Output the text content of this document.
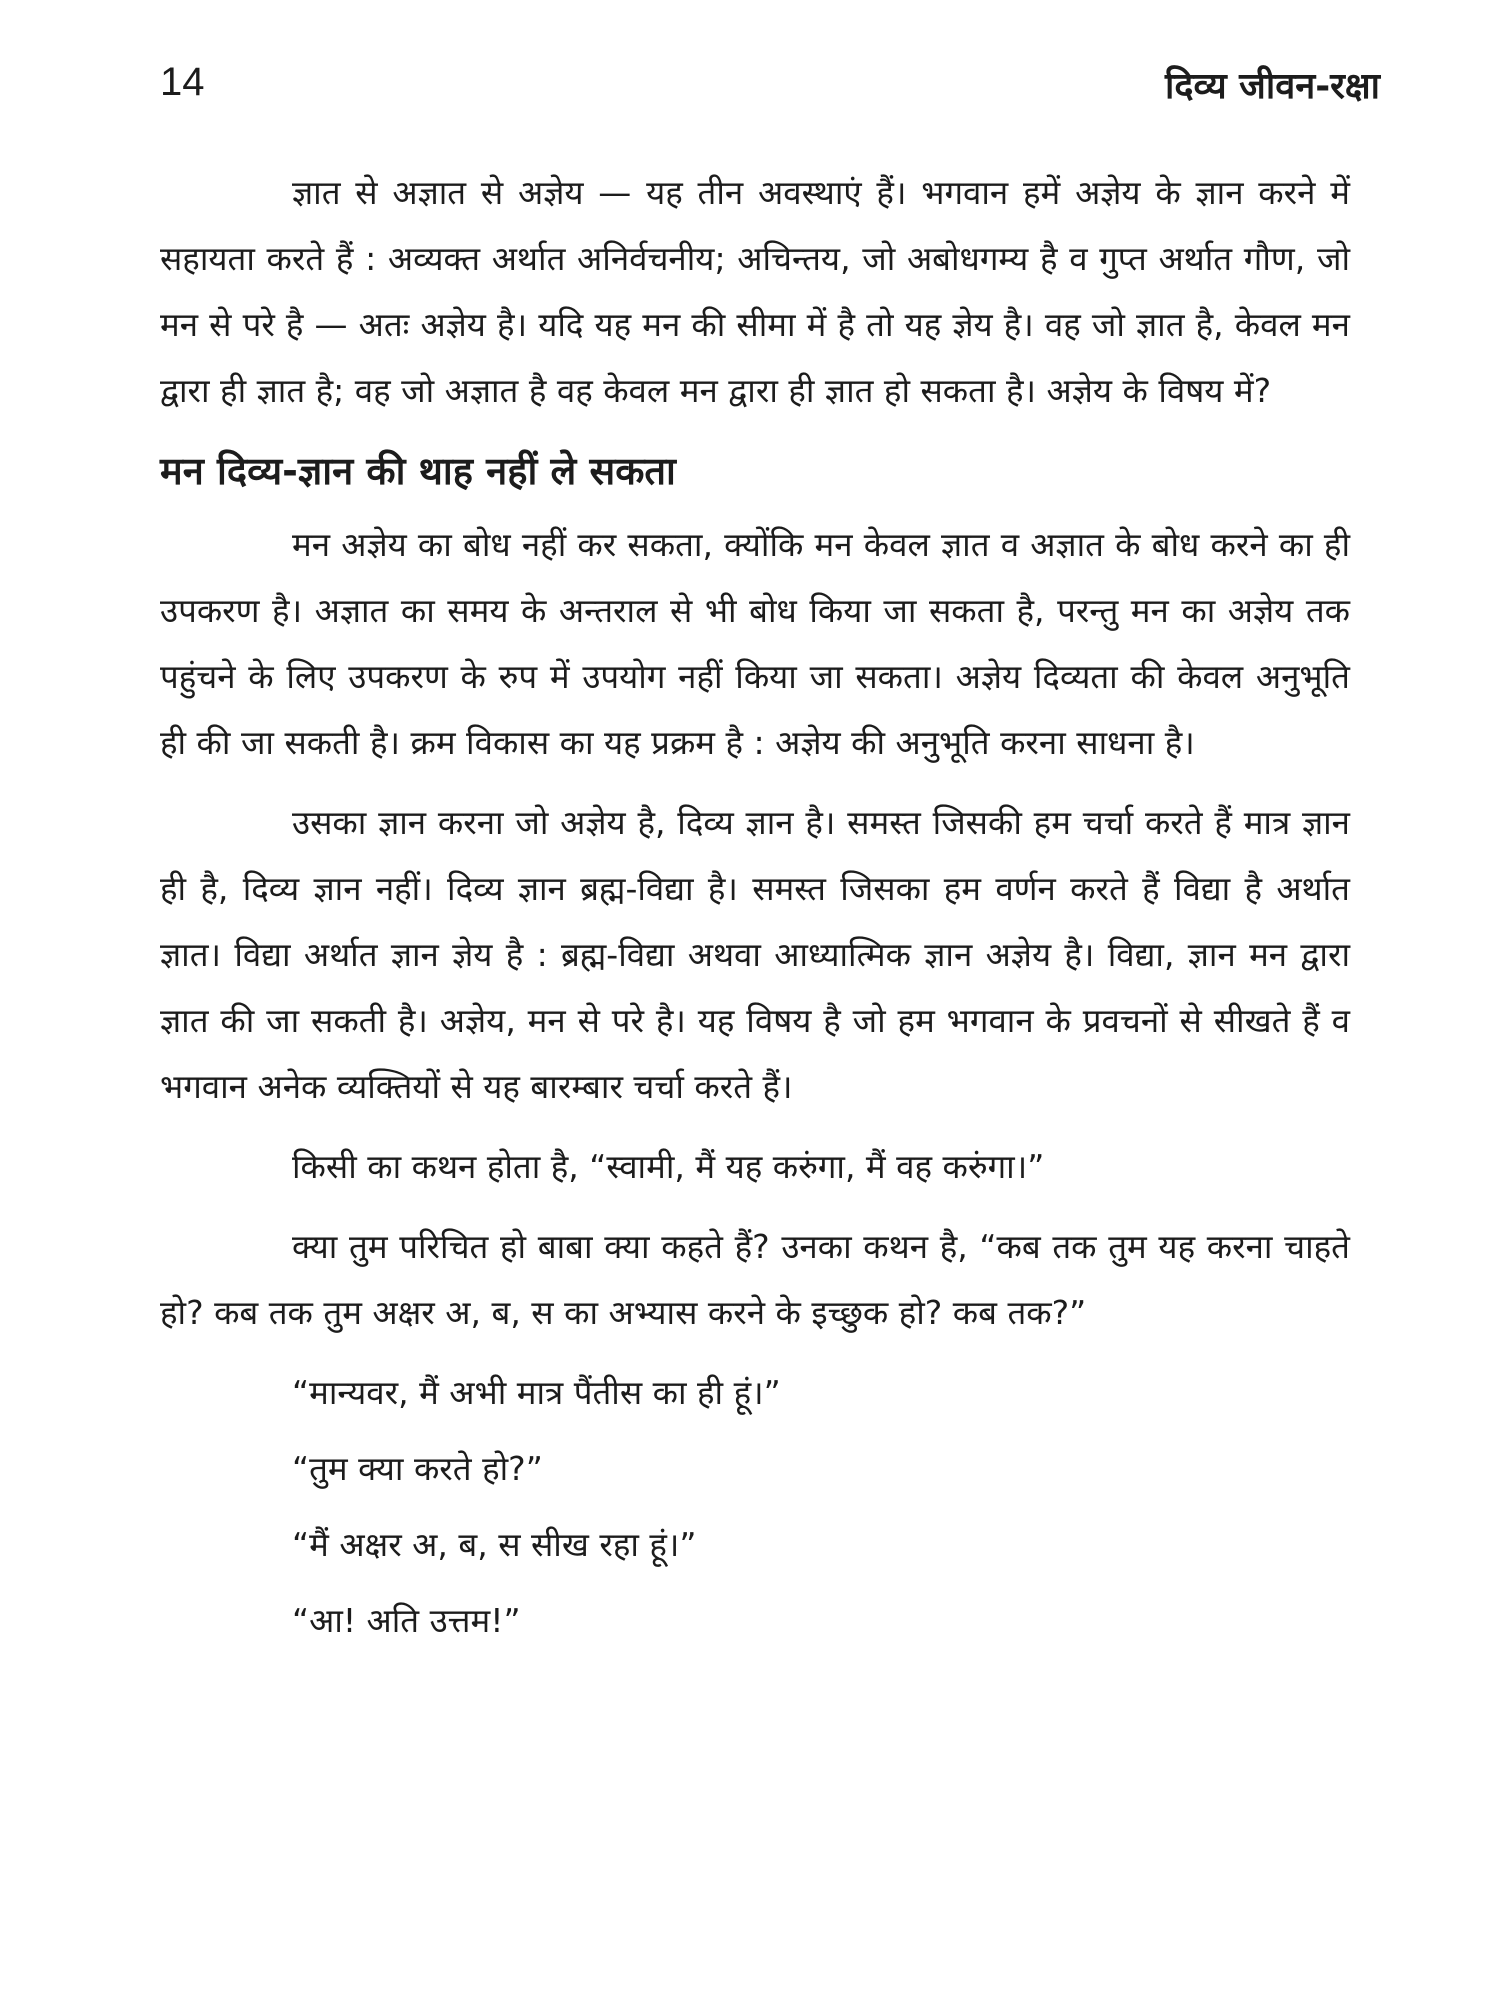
14	दिव्य जीवन-रक्षा

ज्ञात से अज्ञात से अज्ञेय — यह तीन अवस्थाएं हैं। भगवान हमें अज्ञेय के ज्ञान करने में सहायता करते हैं : अव्यक्त अर्थात अनिर्वचनीय; अचिन्तय, जो अबोधगम्य है व गुप्त अर्थात गौण, जो मन से परे है — अतः अज्ञेय है। यदि यह मन की सीमा में है तो यह ज्ञेय है। वह जो ज्ञात है, केवल मन द्वारा ही ज्ञात है; वह जो अज्ञात है वह केवल मन द्वारा ही ज्ञात हो सकता है। अज्ञेय के विषय में?

मन दिव्य-ज्ञान की थाह नहीं ले सकता

मन अज्ञेय का बोध नहीं कर सकता, क्योंकि मन केवल ज्ञात व अज्ञात के बोध करने का ही उपकरण है। अज्ञात का समय के अन्तराल से भी बोध किया जा सकता है, परन्तु मन का अज्ञेय तक पहुंचने के लिए उपकरण के रुप में उपयोग नहीं किया जा सकता। अज्ञेय दिव्यता की केवल अनुभूति ही की जा सकती है। क्रम विकास का यह प्रक्रम है : अज्ञेय की अनुभूति करना साधना है।

उसका ज्ञान करना जो अज्ञेय है, दिव्य ज्ञान है। समस्त जिसकी हम चर्चा करते हैं मात्र ज्ञान ही है, दिव्य ज्ञान नहीं। दिव्य ज्ञान ब्रह्म-विद्या है। समस्त जिसका हम वर्णन करते हैं विद्या है अर्थात ज्ञात। विद्या अर्थात ज्ञान ज्ञेय है : ब्रह्म-विद्या अथवा आध्यात्मिक ज्ञान अज्ञेय है। विद्या, ज्ञान मन द्वारा ज्ञात की जा सकती है। अज्ञेय, मन से परे है। यह विषय है जो हम भगवान के प्रवचनों से सीखते हैं व भगवान अनेक व्यक्तियों से यह बारम्बार चर्चा करते हैं।

किसी का कथन होता है, “स्वामी, मैं यह करुंगा, मैं वह करुंगा।”

क्या तुम परिचित हो बाबा क्या कहते हैं? उनका कथन है, “कब तक तुम यह करना चाहते हो? कब तक तुम अक्षर अ, ब, स का अभ्यास करने के इच्छुक हो? कब तक?”

“मान्यवर, मैं अभी मात्र पैंतीस का ही हूं।”
“तुम क्या करते हो?”
“मैं अक्षर अ, ब, स सीख रहा हूं।”
“आ! अति उत्तम!”
